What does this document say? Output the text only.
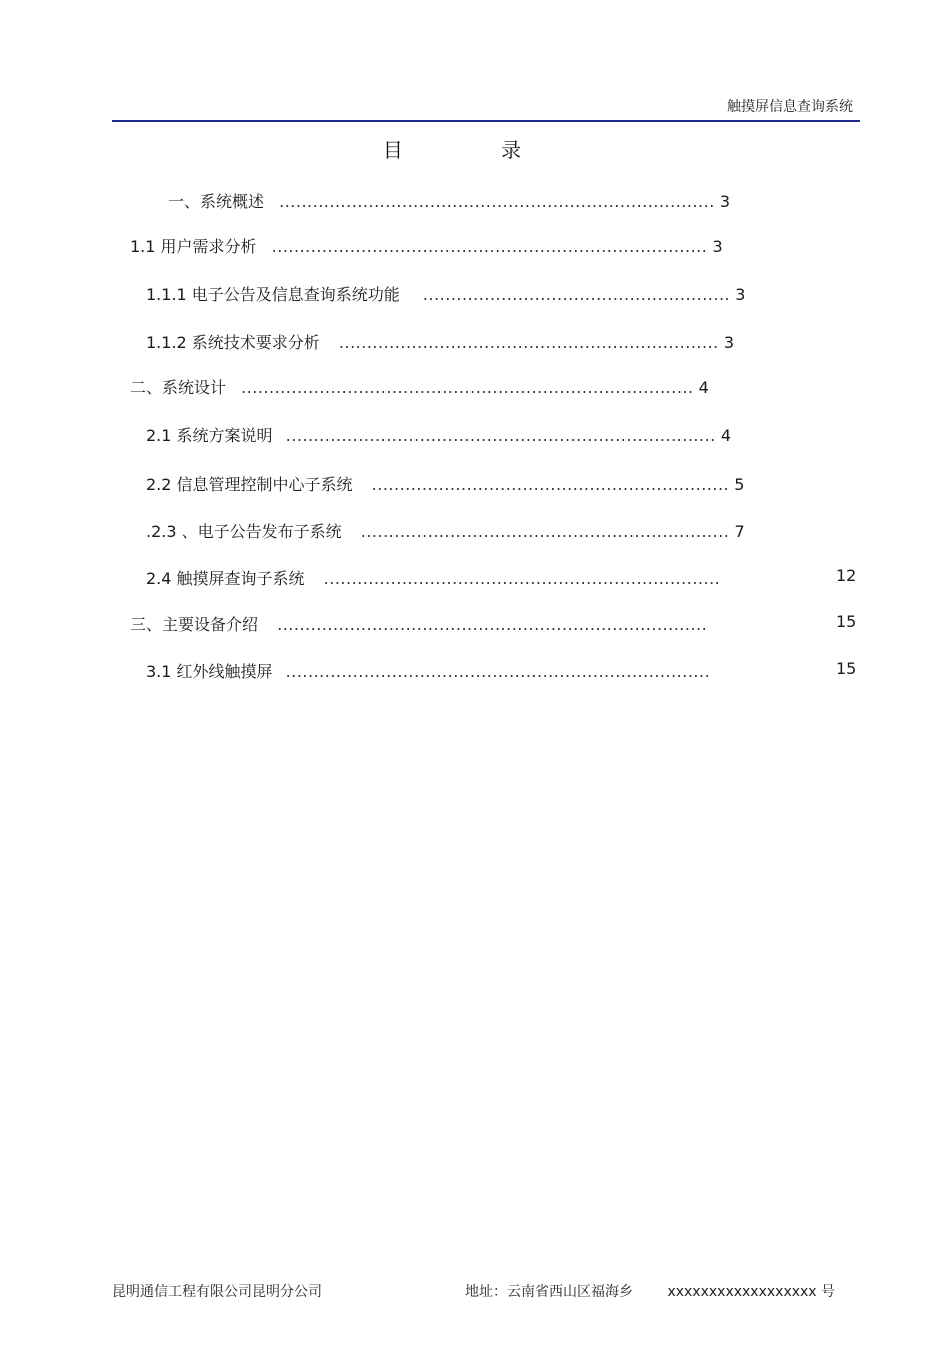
触摸屏信息查询系统
目 录
一、系统概述 .............................................................................. 3
1.1 用户需求分析 .............................................................................. 3
1.1.1 电子公告及信息查询系统功能 ....................................................... 3
1.1.2 系统技术要求分析 .................................................................... 3
二、系统设计 ................................................................................. 4
2.1 系统方案说明 ............................................................................. 4
2.2 信息管理控制中心子系统 ................................................................ 5
.2.3 、电子公告发布子系统 .................................................................. 7
2.4 触摸屏查询子系统 .......................................................................	12
三、主要设备介绍 .............................................................................	15
3.1 红外线触摸屏 ............................................................................	15
昆明通信工程有限公司昆明分公司	地址：云南省西山区福海乡 xxxxxxxxxxxxxxxxxx 号
